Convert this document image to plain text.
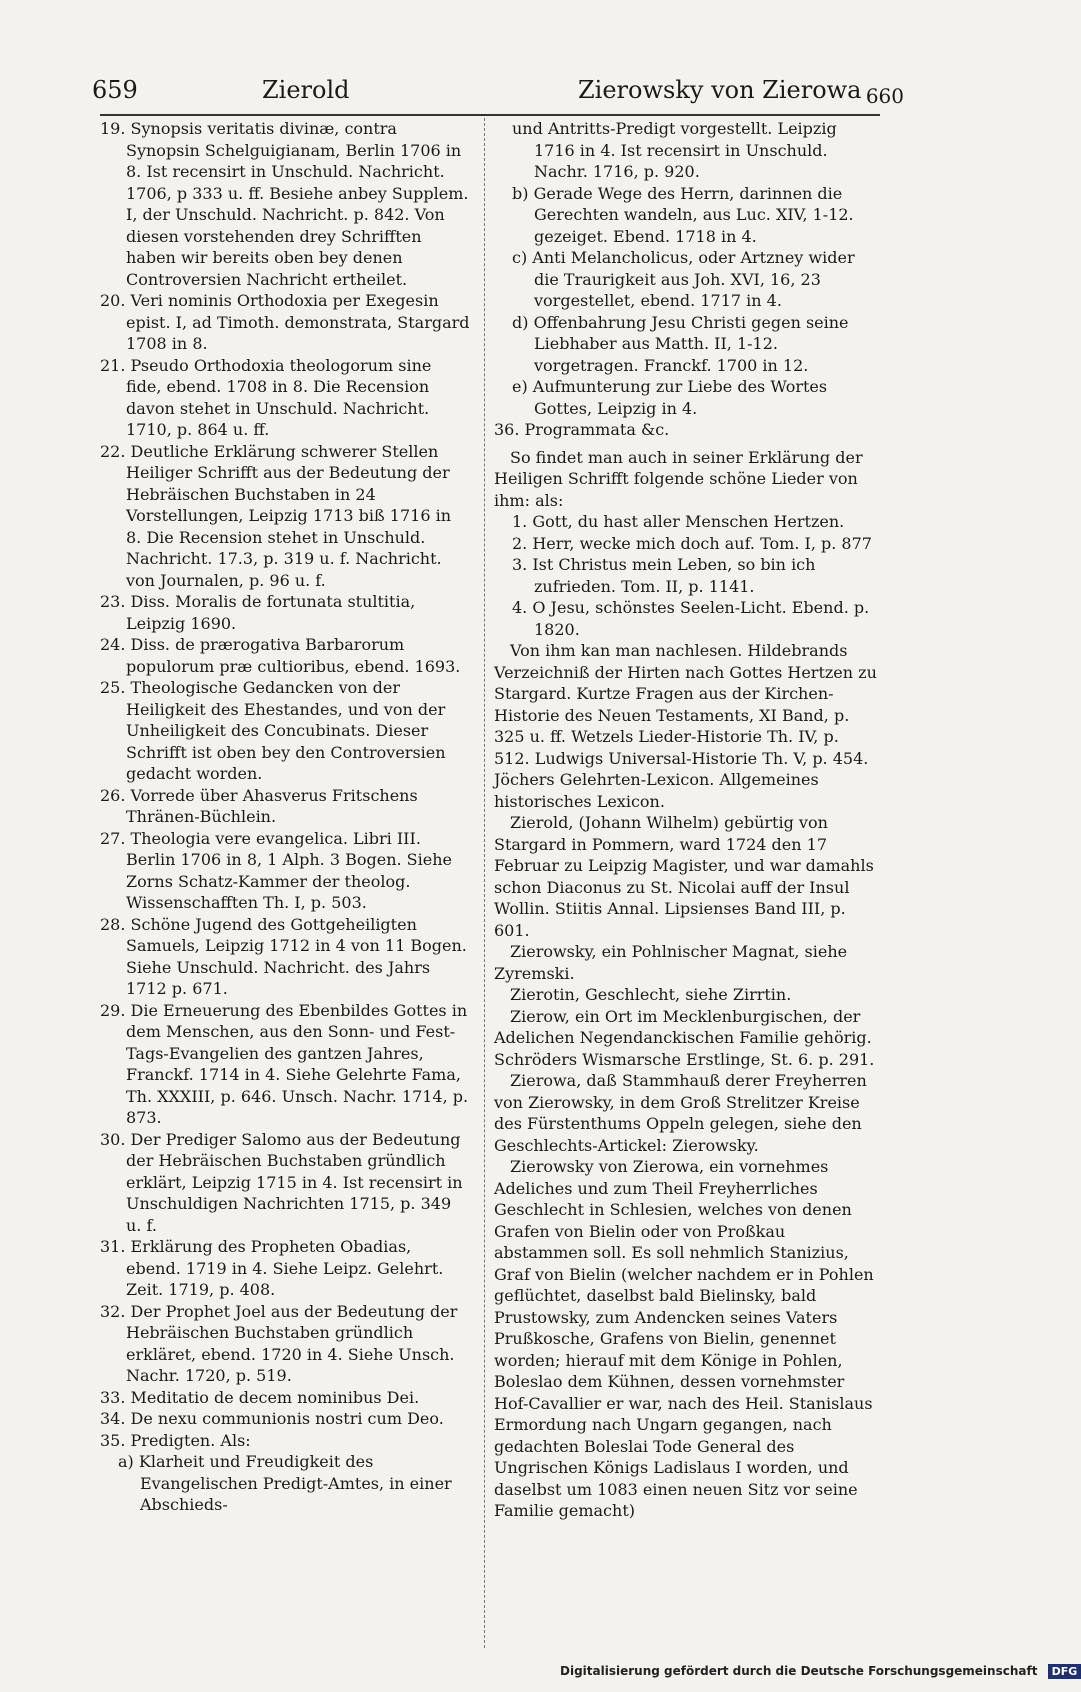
659	Zierold	Zierowsky von Zierowa 660

19. Synopsis veritatis divinæ, contra Synopsin Schelguigianam, Berlin 1706 in 8. Ist recensirt in Unschuld. Nachricht. 1706, p 333 u. ff. Besiehe anbey Supplem. I, der Unschuld. Nachricht. p. 842. Von diesen vorstehenden drey Schrifften haben wir bereits oben bey denen Controversien Nachricht ertheilet.

20. Veri nominis Orthodoxia per Exegesin epist. I, ad Timoth. demonstrata, Stargard 1708 in 8.

21. Pseudo Orthodoxia theologorum sine fide, ebend. 1708 in 8. Die Recension davon stehet in Unschuld. Nachricht. 1710, p. 864 u. ff.

22. Deutliche Erklärung schwerer Stellen Heiliger Schrifft aus der Bedeutung der Hebräischen Buchstaben in 24 Vorstellungen, Leipzig 1713 biß 1716 in 8. Die Recension stehet in Unschuld. Nachricht. 17.3, p. 319 u. f. Nachricht. von Journalen, p. 96 u. f.

23. Diss. Moralis de fortunata stultitia, Leipzig 1690.

24. Diss. de prærogativa Barbarorum populorum præ cultioribus, ebend. 1693.

25. Theologische Gedancken von der Heiligkeit des Ehestandes, und von der Unheiligkeit des Concubinats. Dieser Schrifft ist oben bey den Controversien gedacht worden.

26. Vorrede über Ahasverus Fritschens Thränen-Büchlein.

27. Theologia vere evangelica. Libri III. Berlin 1706 in 8, 1 Alph. 3 Bogen. Siehe Zorns Schatz-Kammer der theolog. Wissenschafften Th. I, p. 503.

28. Schöne Jugend des Gottgeheiligten Samuels, Leipzig 1712 in 4 von 11 Bogen. Siehe Unschuld. Nachricht. des Jahrs 1712 p. 671.

29. Die Erneuerung des Ebenbildes Gottes in dem Menschen, aus den Sonn- und Fest-Tags-Evangelien des gantzen Jahres, Franckf. 1714 in 4. Siehe Gelehrte Fama, Th. XXXIII, p. 646. Unsch. Nachr. 1714, p. 873.

30. Der Prediger Salomo aus der Bedeutung der Hebräischen Buchstaben gründlich erklärt, Leipzig 1715 in 4. Ist recensirt in Unschuldigen Nachrichten 1715, p. 349 u. f.

31. Erklärung des Propheten Obadias, ebend. 1719 in 4. Siehe Leipz. Gelehrt. Zeit. 1719, p. 408.

32. Der Prophet Joel aus der Bedeutung der Hebräischen Buchstaben gründlich erkläret, ebend. 1720 in 4. Siehe Unsch. Nachr. 1720, p. 519.

33. Meditatio de decem nominibus Dei.

34. De nexu communionis nostri cum Deo.

35. Predigten. Als:

a) Klarheit und Freudigkeit des Evangelischen Predigt-Amtes, in einer Abschieds-

und Antritts-Predigt vorgestellt. Leipzig 1716 in 4. Ist recensirt in Unschuld. Nachr. 1716, p. 920.

b) Gerade Wege des Herrn, darinnen die Gerechten wandeln, aus Luc. XIV, 1-12. gezeiget. Ebend. 1718 in 4.

c) Anti Melancholicus, oder Artzney wider die Traurigkeit aus Joh. XVI, 16, 23 vorgestellet, ebend. 1717 in 4.

d) Offenbahrung Jesu Christi gegen seine Liebhaber aus Matth. II, 1-12. vorgetragen. Franckf. 1700 in 12.

e) Aufmunterung zur Liebe des Wortes Gottes, Leipzig in 4.

36. Programmata &c.

So findet man auch in seiner Erklärung der Heiligen Schrifft folgende schöne Lieder von ihm: als:

1. Gott, du hast aller Menschen Hertzen.

2. Herr, wecke mich doch auf. Tom. I, p. 877

3. Ist Christus mein Leben, so bin ich zufrieden. Tom. II, p. 1141.

4. O Jesu, schönstes Seelen-Licht. Ebend. p. 1820.

Von ihm kan man nachlesen. Hildebrands Verzeichniß der Hirten nach Gottes Hertzen zu Stargard. Kurtze Fragen aus der Kirchen-Historie des Neuen Testaments, XI Band, p. 325 u. ff. Wetzels Lieder-Historie Th. IV, p. 512. Ludwigs Universal-Historie Th. V, p. 454. Jöchers Gelehrten-Lexicon. Allgemeines historisches Lexicon.

Zierold, (Johann Wilhelm) gebürtig von Stargard in Pommern, ward 1724 den 17 Februar zu Leipzig Magister, und war damahls schon Diaconus zu St. Nicolai auff der Insul Wollin. Stiitis Annal. Lipsienses Band III, p. 601.

Zierowsky, ein Pohlnischer Magnat, siehe Zyremski.

Zierotin, Geschlecht, siehe Zirrtin.

Zierow, ein Ort im Mecklenburgischen, der Adelichen Negendanckischen Familie gehörig. Schröders Wismarsche Erstlinge, St. 6. p. 291.

Zierowa, daß Stammhauß derer Freyherren von Zierowsky, in dem Groß Strelitzer Kreise des Fürstenthums Oppeln gelegen, siehe den Geschlechts-Artickel: Zierowsky.

Zierowsky von Zierowa, ein vornehmes Adeliches und zum Theil Freyherrliches Geschlecht in Schlesien, welches von denen Grafen von Bielin oder von Proßkau abstammen soll. Es soll nehmlich Stanizius, Graf von Bielin (welcher nachdem er in Pohlen geflüchtet, daselbst bald Bielinsky, bald Prustowsky, zum Andencken seines Vaters Prußkosche, Grafens von Bielin, genennet worden; hierauf mit dem Könige in Pohlen, Boleslao dem Kühnen, dessen vornehmster Hof-Cavallier er war, nach des Heil. Stanislaus Ermordung nach Ungarn gegangen, nach gedachten Boleslai Tode General des Ungrischen Königs Ladislaus I worden, und daselbst um 1083 einen neuen Sitz vor seine Familie gemacht)

Digitalisierung gefördert durch die Deutsche Forschungsgemeinschaft DFG
